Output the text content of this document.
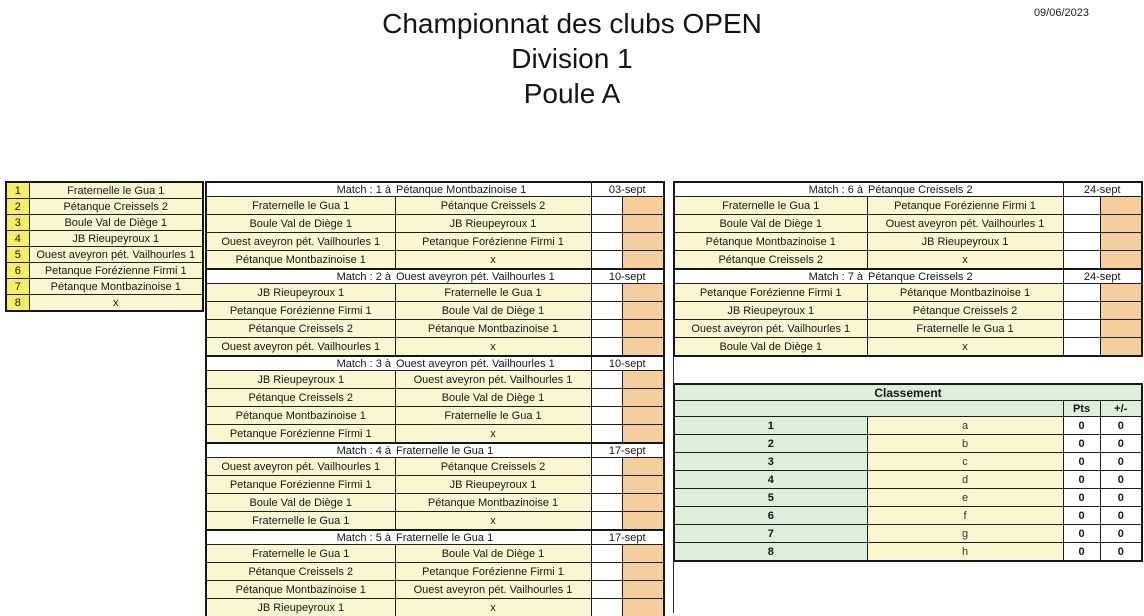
Championnat des clubs OPEN
Division 1
Poule A
09/06/2023
1	Fraternelle le Gua 1
2	Pétanque Creissels 2
3	Boule Val de Diège 1
4	JB Rieupeyroux 1
5	Ouest aveyron pét. Vailhourles 1
6	Petanque Forézienne Firmi 1
7	Pétanque Montbazinoise 1
8	x
Match : 1 à Pétanque Montbazinoise 1		03-sept	
Fraternelle le Gua 1	Pétanque Creissels 2		
Boule Val de Diège 1	JB Rieupeyroux 1		
Ouest aveyron pét. Vailhourles 1	Petanque Forézienne Firmi 1		
Pétanque Montbazinoise 1	x		
Match : 2 à Ouest aveyron pét. Vailhourles 1		10-sept	
JB Rieupeyroux 1	Fraternelle le Gua 1		
Petanque Forézienne Firmi 1	Boule Val de Diège 1		
Pétanque Creissels 2	Pétanque Montbazinoise 1		
Ouest aveyron pét. Vailhourles 1	x		
Match : 3 à Ouest aveyron pét. Vailhourles 1		10-sept	
JB Rieupeyroux 1	Ouest aveyron pét. Vailhourles 1		
Pétanque Creissels 2	Boule Val de Diège 1		
Pétanque Montbazinoise 1	Fraternelle le Gua 1		
Petanque Forézienne Firmi 1	x		
Match : 4 à Fraternelle le Gua 1		17-sept	
Ouest aveyron pét. Vailhourles 1	Pétanque Creissels 2		
Petanque Forézienne Firmi 1	JB Rieupeyroux 1		
Boule Val de Diège 1	Pétanque Montbazinoise 1		
Fraternelle le Gua 1	x		
Match : 5 à Fraternelle le Gua 1		17-sept	
Fraternelle le Gua 1	Boule Val de Diège 1		
Pétanque Creissels 2	Petanque Forézienne Firmi 1		
Pétanque Montbazinoise 1	Ouest aveyron pét. Vailhourles 1		
JB Rieupeyroux 1	x		
Match : 6 à Pétanque Creissels 2		24-sept	
Fraternelle le Gua 1	Petanque Forézienne Firmi 1		
Boule Val de Diège 1	Ouest aveyron pét. Vailhourles 1		
Pétanque Montbazinoise 1	JB Rieupeyroux 1		
Pétanque Creissels 2	x		
Match : 7 à Pétanque Creissels 2		24-sept	
Petanque Forézienne Firmi 1	Pétanque Montbazinoise 1		
JB Rieupeyroux 1	Pétanque Creissels 2		
Ouest aveyron pét. Vailhourles 1	Fraternelle le Gua 1		
Boule Val de Diège 1	x		
Classement			
		Pts	+/-
1	a	0	0
2	b	0	0
3	c	0	0
4	d	0	0
5	e	0	0
6	f	0	0
7	g	0	0
8	h	0	0
